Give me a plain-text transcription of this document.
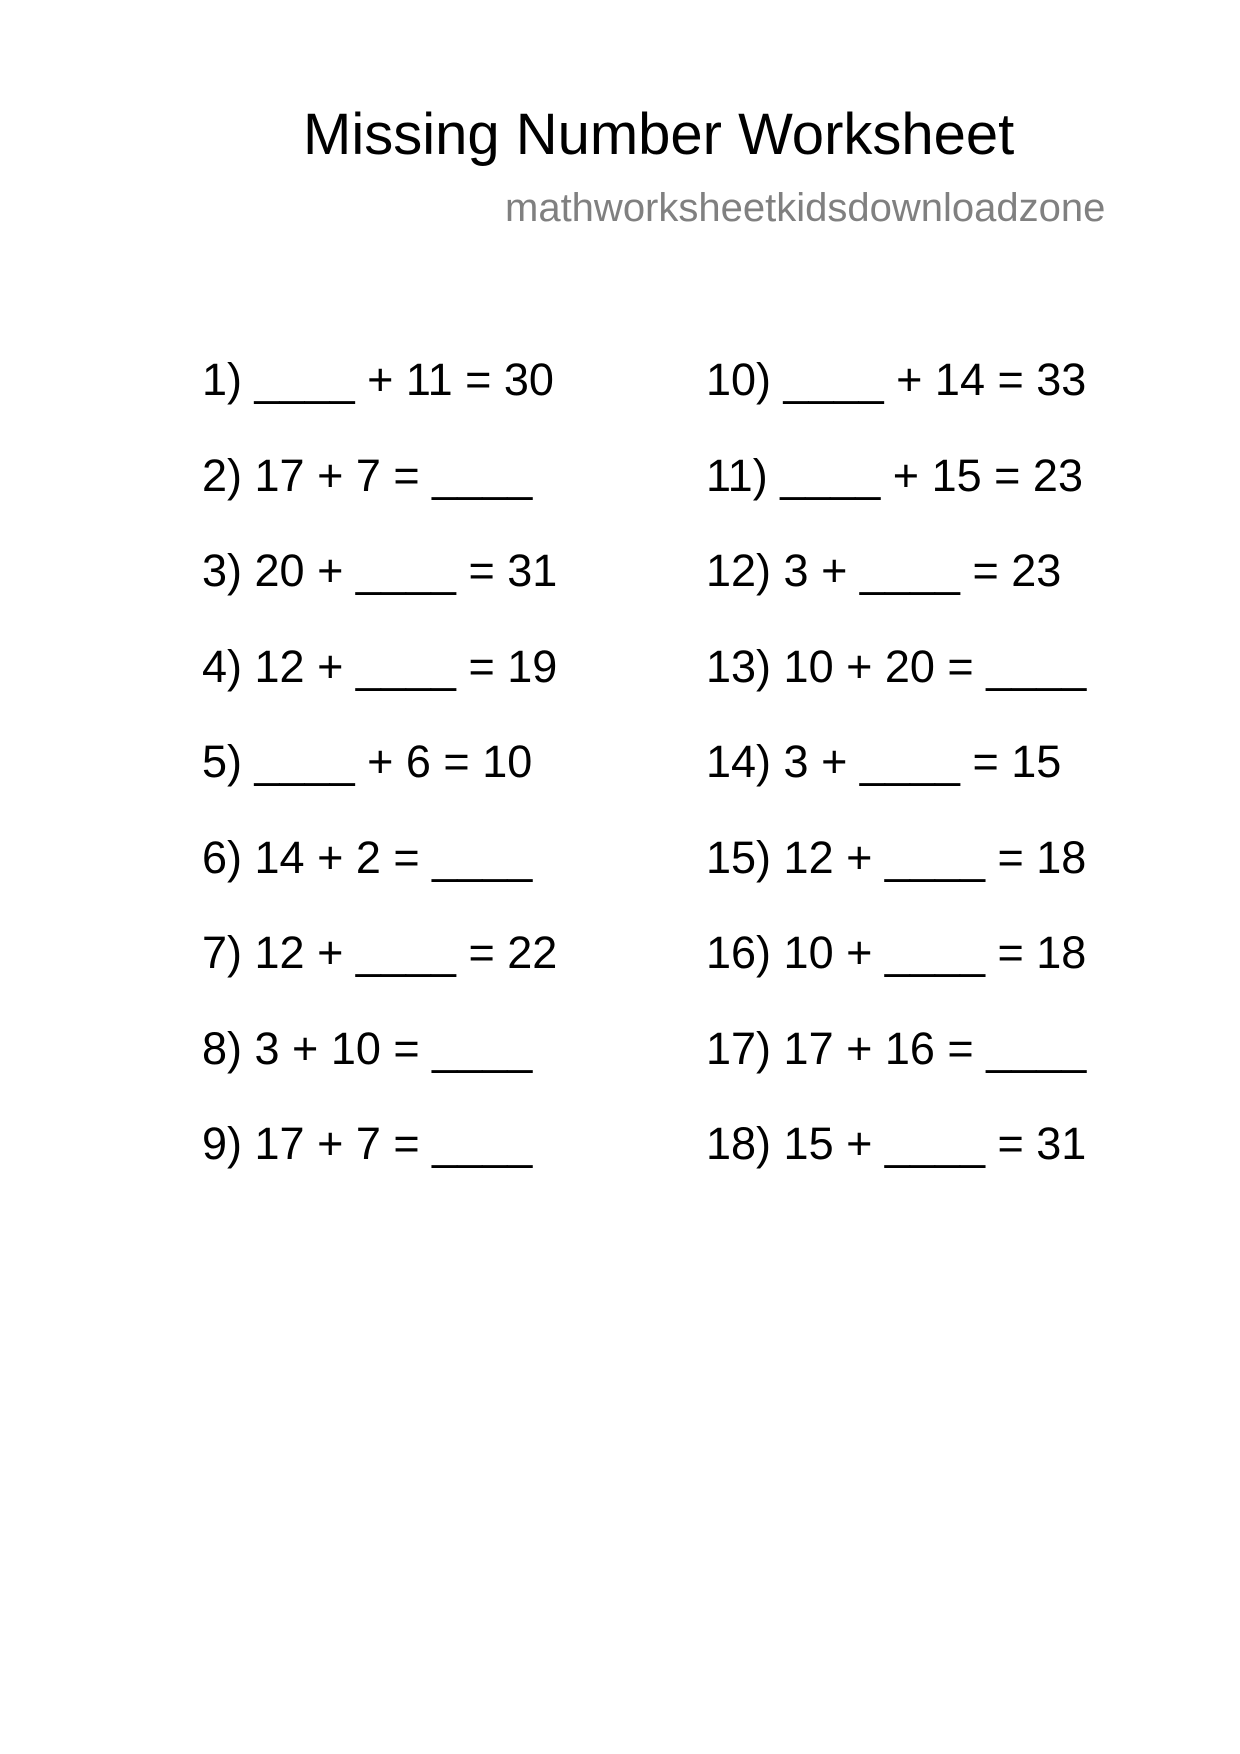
Missing Number Worksheet
mathworksheetkidsdownloadzone
1) ____ + 11 = 30
2) 17 + 7 = ____
3) 20 + ____ = 31
4) 12 + ____ = 19
5) ____ + 6 = 10
6) 14 + 2 = ____
7) 12 + ____ = 22
8) 3 + 10 = ____
9) 17 + 7 = ____
10) ____ + 14 = 33
11) ____ + 15 = 23
12) 3 + ____ = 23
13) 10 + 20 = ____
14) 3 + ____ = 15
15) 12 + ____ = 18
16) 10 + ____ = 18
17) 17 + 16 = ____
18) 15 + ____ = 31
